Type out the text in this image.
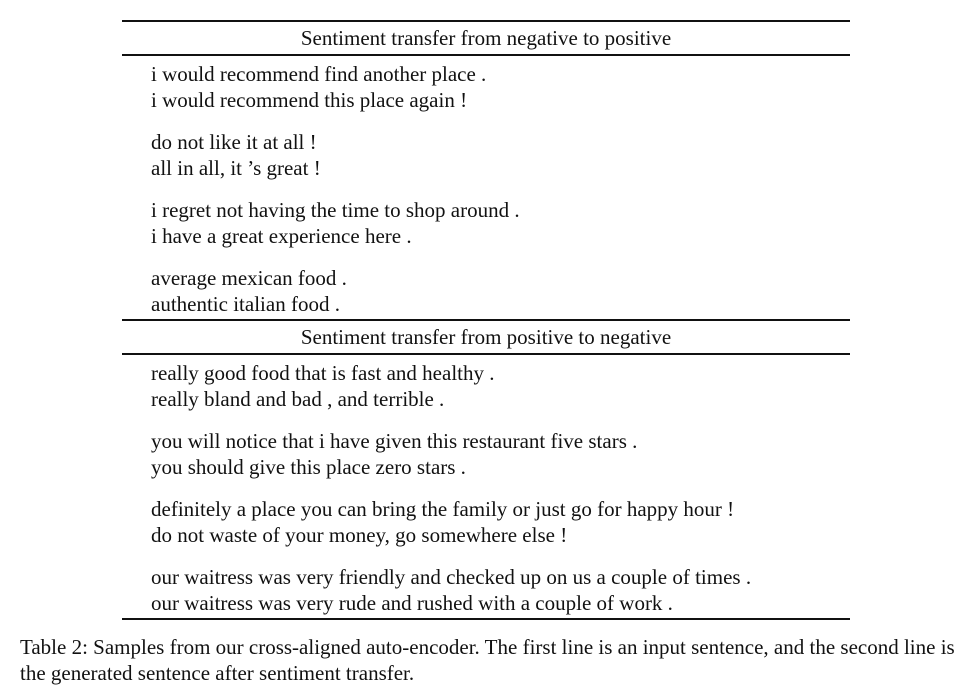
Sentiment transfer from negative to positive
i would recommend find another place .
i would recommend this place again !
do not like it at all !
all in all, it ’s great !
i regret not having the time to shop around .
i have a great experience here .
average mexican food .
authentic italian food .
Sentiment transfer from positive to negative
really good food that is fast and healthy .
really bland and bad , and terrible .
you will notice that i have given this restaurant five stars .
you should give this place zero stars .
definitely a place you can bring the family or just go for happy hour !
do not waste of your money, go somewhere else !
our waitress was very friendly and checked up on us a couple of times .
our waitress was very rude and rushed with a couple of work .
Table 2: Samples from our cross-aligned auto-encoder. The first line is an input sentence, and the second line is the generated sentence after sentiment transfer.
